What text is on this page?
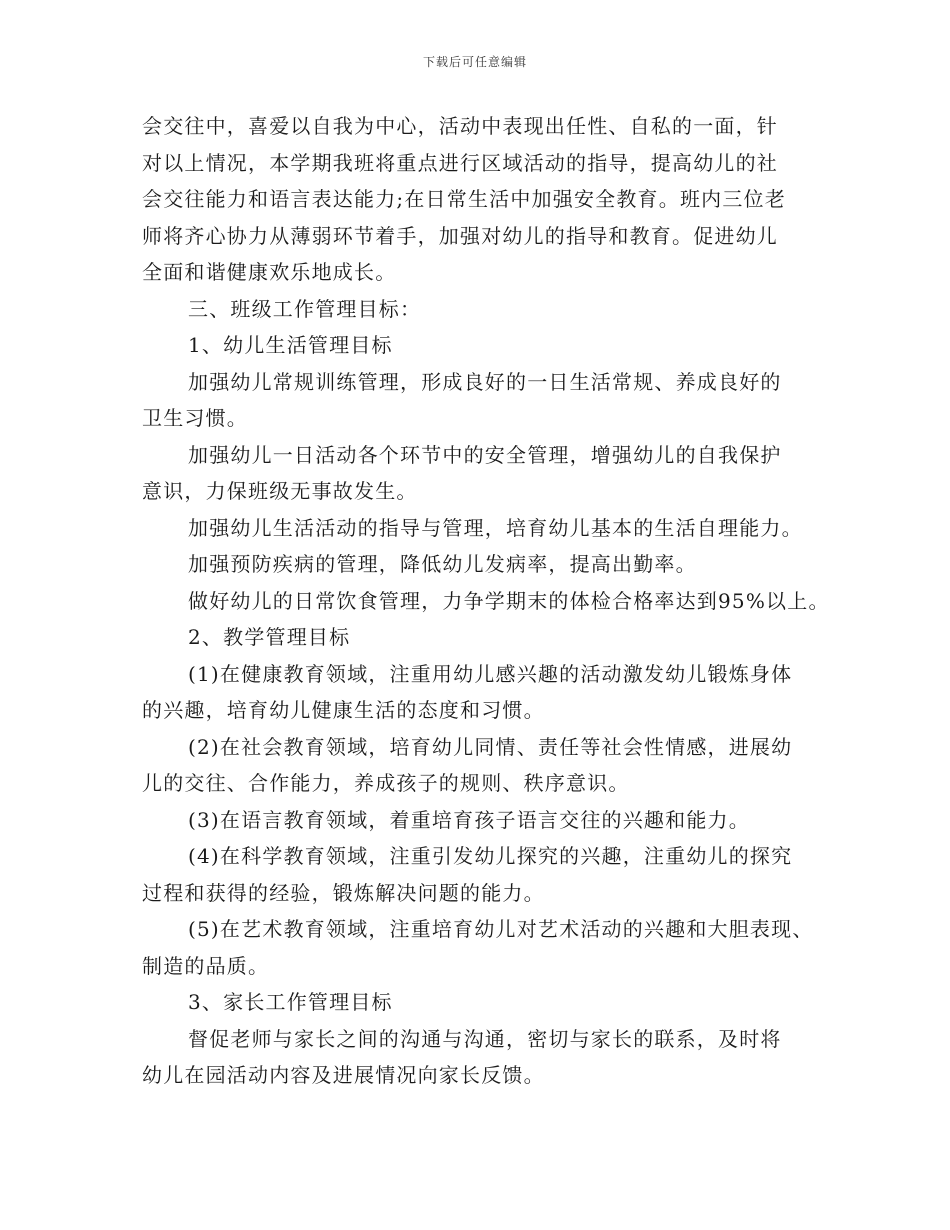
下载后可任意编辑
会交往中，喜爱以自我为中心，活动中表现出任性、自私的一面，针
对以上情况，本学期我班将重点进行区域活动的指导，提高幼儿的社
会交往能力和语言表达能力;在日常生活中加强安全教育。班内三位老
师将齐心协力从薄弱环节着手，加强对幼儿的指导和教育。促进幼儿
全面和谐健康欢乐地成长。
三、班级工作管理目标：
1、幼儿生活管理目标
加强幼儿常规训练管理，形成良好的一日生活常规、养成良好的
卫生习惯。
加强幼儿一日活动各个环节中的安全管理，增强幼儿的自我保护
意识，力保班级无事故发生。
加强幼儿生活活动的指导与管理，培育幼儿基本的生活自理能力。
加强预防疾病的管理，降低幼儿发病率，提高出勤率。
做好幼儿的日常饮食管理，力争学期末的体检合格率达到95%以上。
2、教学管理目标
(1)在健康教育领域，注重用幼儿感兴趣的活动激发幼儿锻炼身体
的兴趣，培育幼儿健康生活的态度和习惯。
(2)在社会教育领域，培育幼儿同情、责任等社会性情感，进展幼
儿的交往、合作能力，养成孩子的规则、秩序意识。
(3)在语言教育领域，着重培育孩子语言交往的兴趣和能力。
(4)在科学教育领域，注重引发幼儿探究的兴趣，注重幼儿的探究
过程和获得的经验，锻炼解决问题的能力。
(5)在艺术教育领域，注重培育幼儿对艺术活动的兴趣和大胆表现、
制造的品质。
3、家长工作管理目标
督促老师与家长之间的沟通与沟通，密切与家长的联系，及时将
幼儿在园活动内容及进展情况向家长反馈。
